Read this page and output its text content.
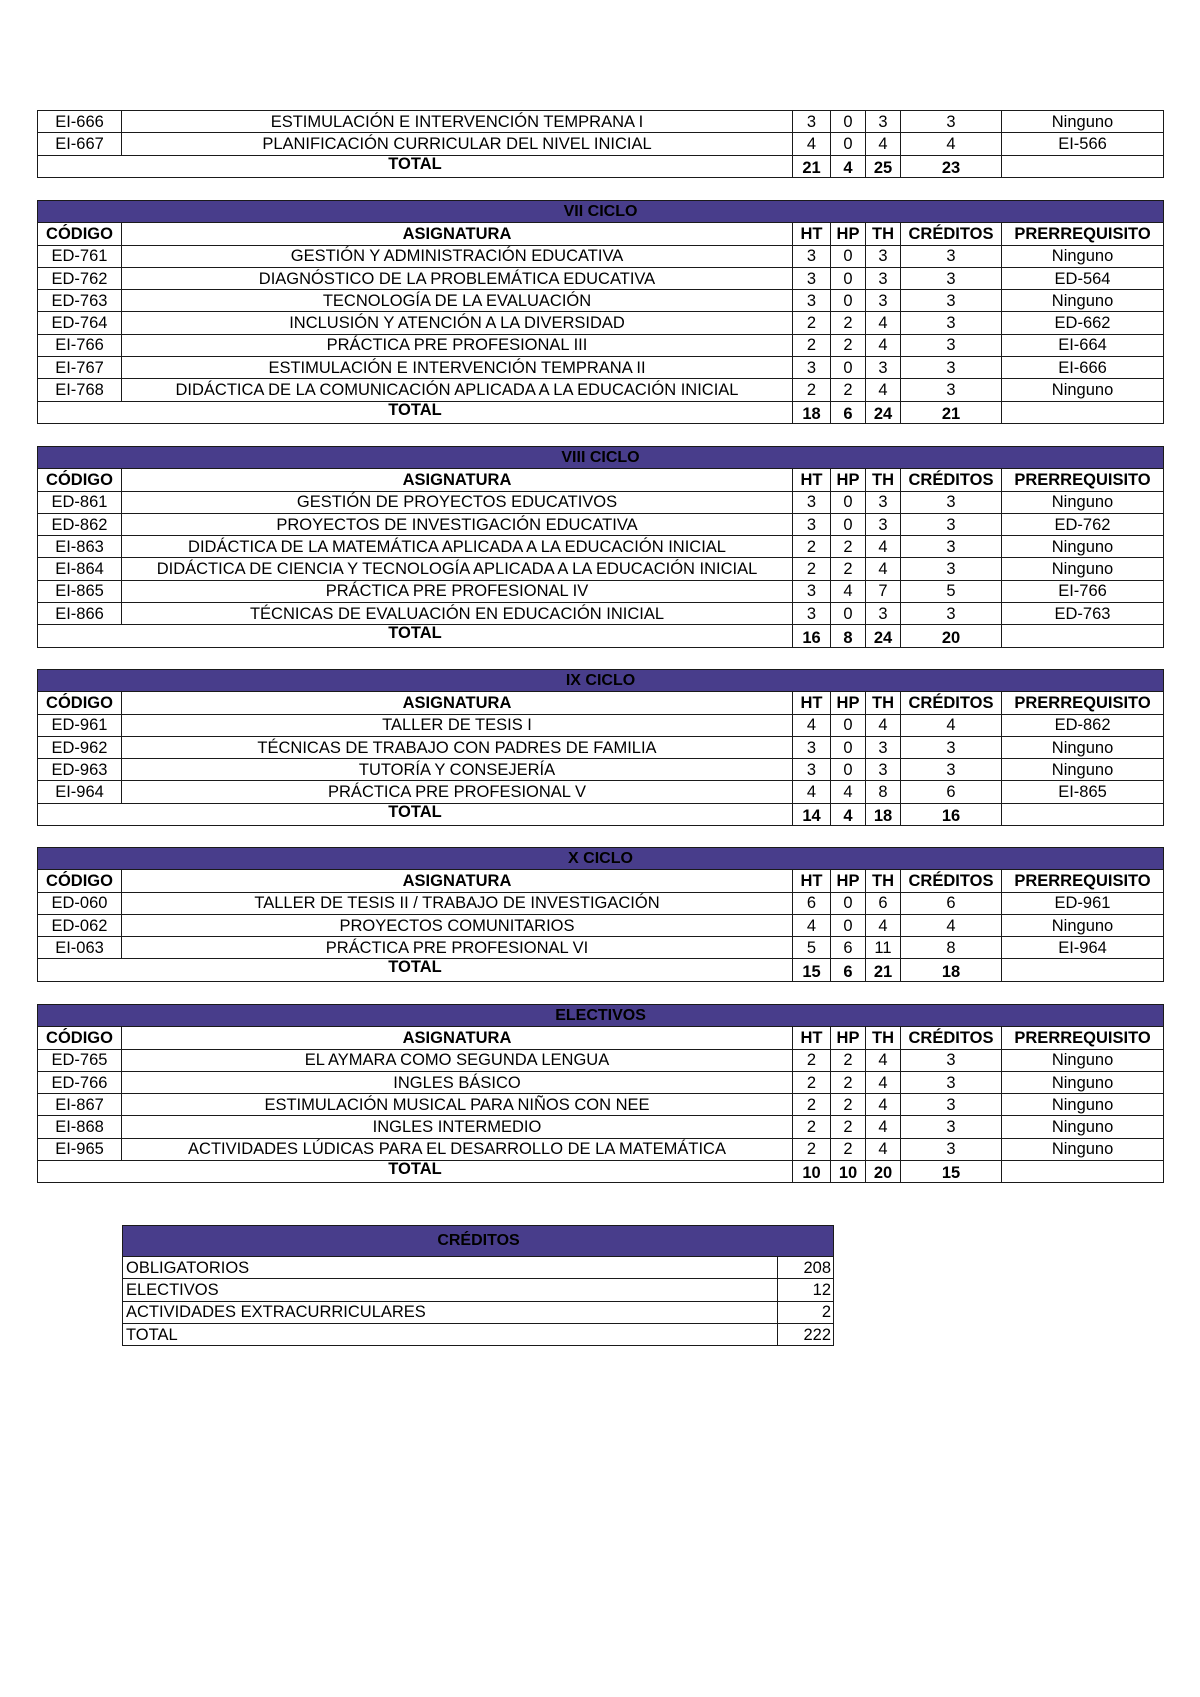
EI-666	ESTIMULACIÓN E INTERVENCIÓN TEMPRANA I	3	0	3	3	Ninguno
EI-667	PLANIFICACIÓN CURRICULAR DEL NIVEL INICIAL	4	0	4	4	EI-566
TOTAL		21	4	25	23	
VII CICLO						
CÓDIGO	ASIGNATURA	HT	HP	TH	CRÉDITOS	PRERREQUISITO
ED-761	GESTIÓN Y ADMINISTRACIÓN EDUCATIVA	3	0	3	3	Ninguno
ED-762	DIAGNÓSTICO DE LA PROBLEMÁTICA EDUCATIVA	3	0	3	3	ED-564
ED-763	TECNOLOGÍA DE LA EVALUACIÓN	3	0	3	3	Ninguno
ED-764	INCLUSIÓN Y ATENCIÓN A LA DIVERSIDAD	2	2	4	3	ED-662
EI-766	PRÁCTICA PRE PROFESIONAL III	2	2	4	3	EI-664
EI-767	ESTIMULACIÓN E INTERVENCIÓN TEMPRANA II	3	0	3	3	EI-666
EI-768	DIDÁCTICA DE LA COMUNICACIÓN APLICADA A LA EDUCACIÓN INICIAL	2	2	4	3	Ninguno
TOTAL		18	6	24	21	
VIII CICLO						
CÓDIGO	ASIGNATURA	HT	HP	TH	CRÉDITOS	PRERREQUISITO
ED-861	GESTIÓN DE PROYECTOS EDUCATIVOS	3	0	3	3	Ninguno
ED-862	PROYECTOS DE INVESTIGACIÓN EDUCATIVA	3	0	3	3	ED-762
EI-863	DIDÁCTICA DE LA MATEMÁTICA APLICADA A LA EDUCACIÓN INICIAL	2	2	4	3	Ninguno
EI-864	DIDÁCTICA DE CIENCIA Y TECNOLOGÍA APLICADA A LA EDUCACIÓN INICIAL	2	2	4	3	Ninguno
EI-865	PRÁCTICA PRE PROFESIONAL IV	3	4	7	5	EI-766
EI-866	TÉCNICAS DE EVALUACIÓN EN EDUCACIÓN INICIAL	3	0	3	3	ED-763
TOTAL		16	8	24	20	
IX CICLO						
CÓDIGO	ASIGNATURA	HT	HP	TH	CRÉDITOS	PRERREQUISITO
ED-961	TALLER DE TESIS I	4	0	4	4	ED-862
ED-962	TÉCNICAS DE TRABAJO CON PADRES DE FAMILIA	3	0	3	3	Ninguno
ED-963	TUTORÍA Y CONSEJERÍA	3	0	3	3	Ninguno
EI-964	PRÁCTICA PRE PROFESIONAL V	4	4	8	6	EI-865
TOTAL		14	4	18	16	
X CICLO						
CÓDIGO	ASIGNATURA	HT	HP	TH	CRÉDITOS	PRERREQUISITO
ED-060	TALLER DE TESIS II / TRABAJO DE INVESTIGACIÓN	6	0	6	6	ED-961
ED-062	PROYECTOS COMUNITARIOS	4	0	4	4	Ninguno
EI-063	PRÁCTICA PRE PROFESIONAL VI	5	6	11	8	EI-964
TOTAL		15	6	21	18	
ELECTIVOS						
CÓDIGO	ASIGNATURA	HT	HP	TH	CRÉDITOS	PRERREQUISITO
ED-765	EL AYMARA COMO SEGUNDA LENGUA	2	2	4	3	Ninguno
ED-766	INGLES BÁSICO	2	2	4	3	Ninguno
EI-867	ESTIMULACIÓN MUSICAL PARA NIÑOS CON NEE	2	2	4	3	Ninguno
EI-868	INGLES INTERMEDIO	2	2	4	3	Ninguno
EI-965	ACTIVIDADES LÚDICAS PARA EL DESARROLLO DE LA MATEMÁTICA	2	2	4	3	Ninguno
TOTAL		10	10	20	15	
CRÉDITOS	
OBLIGATORIOS	208
ELECTIVOS	12
ACTIVIDADES EXTRACURRICULARES	2
TOTAL	222
